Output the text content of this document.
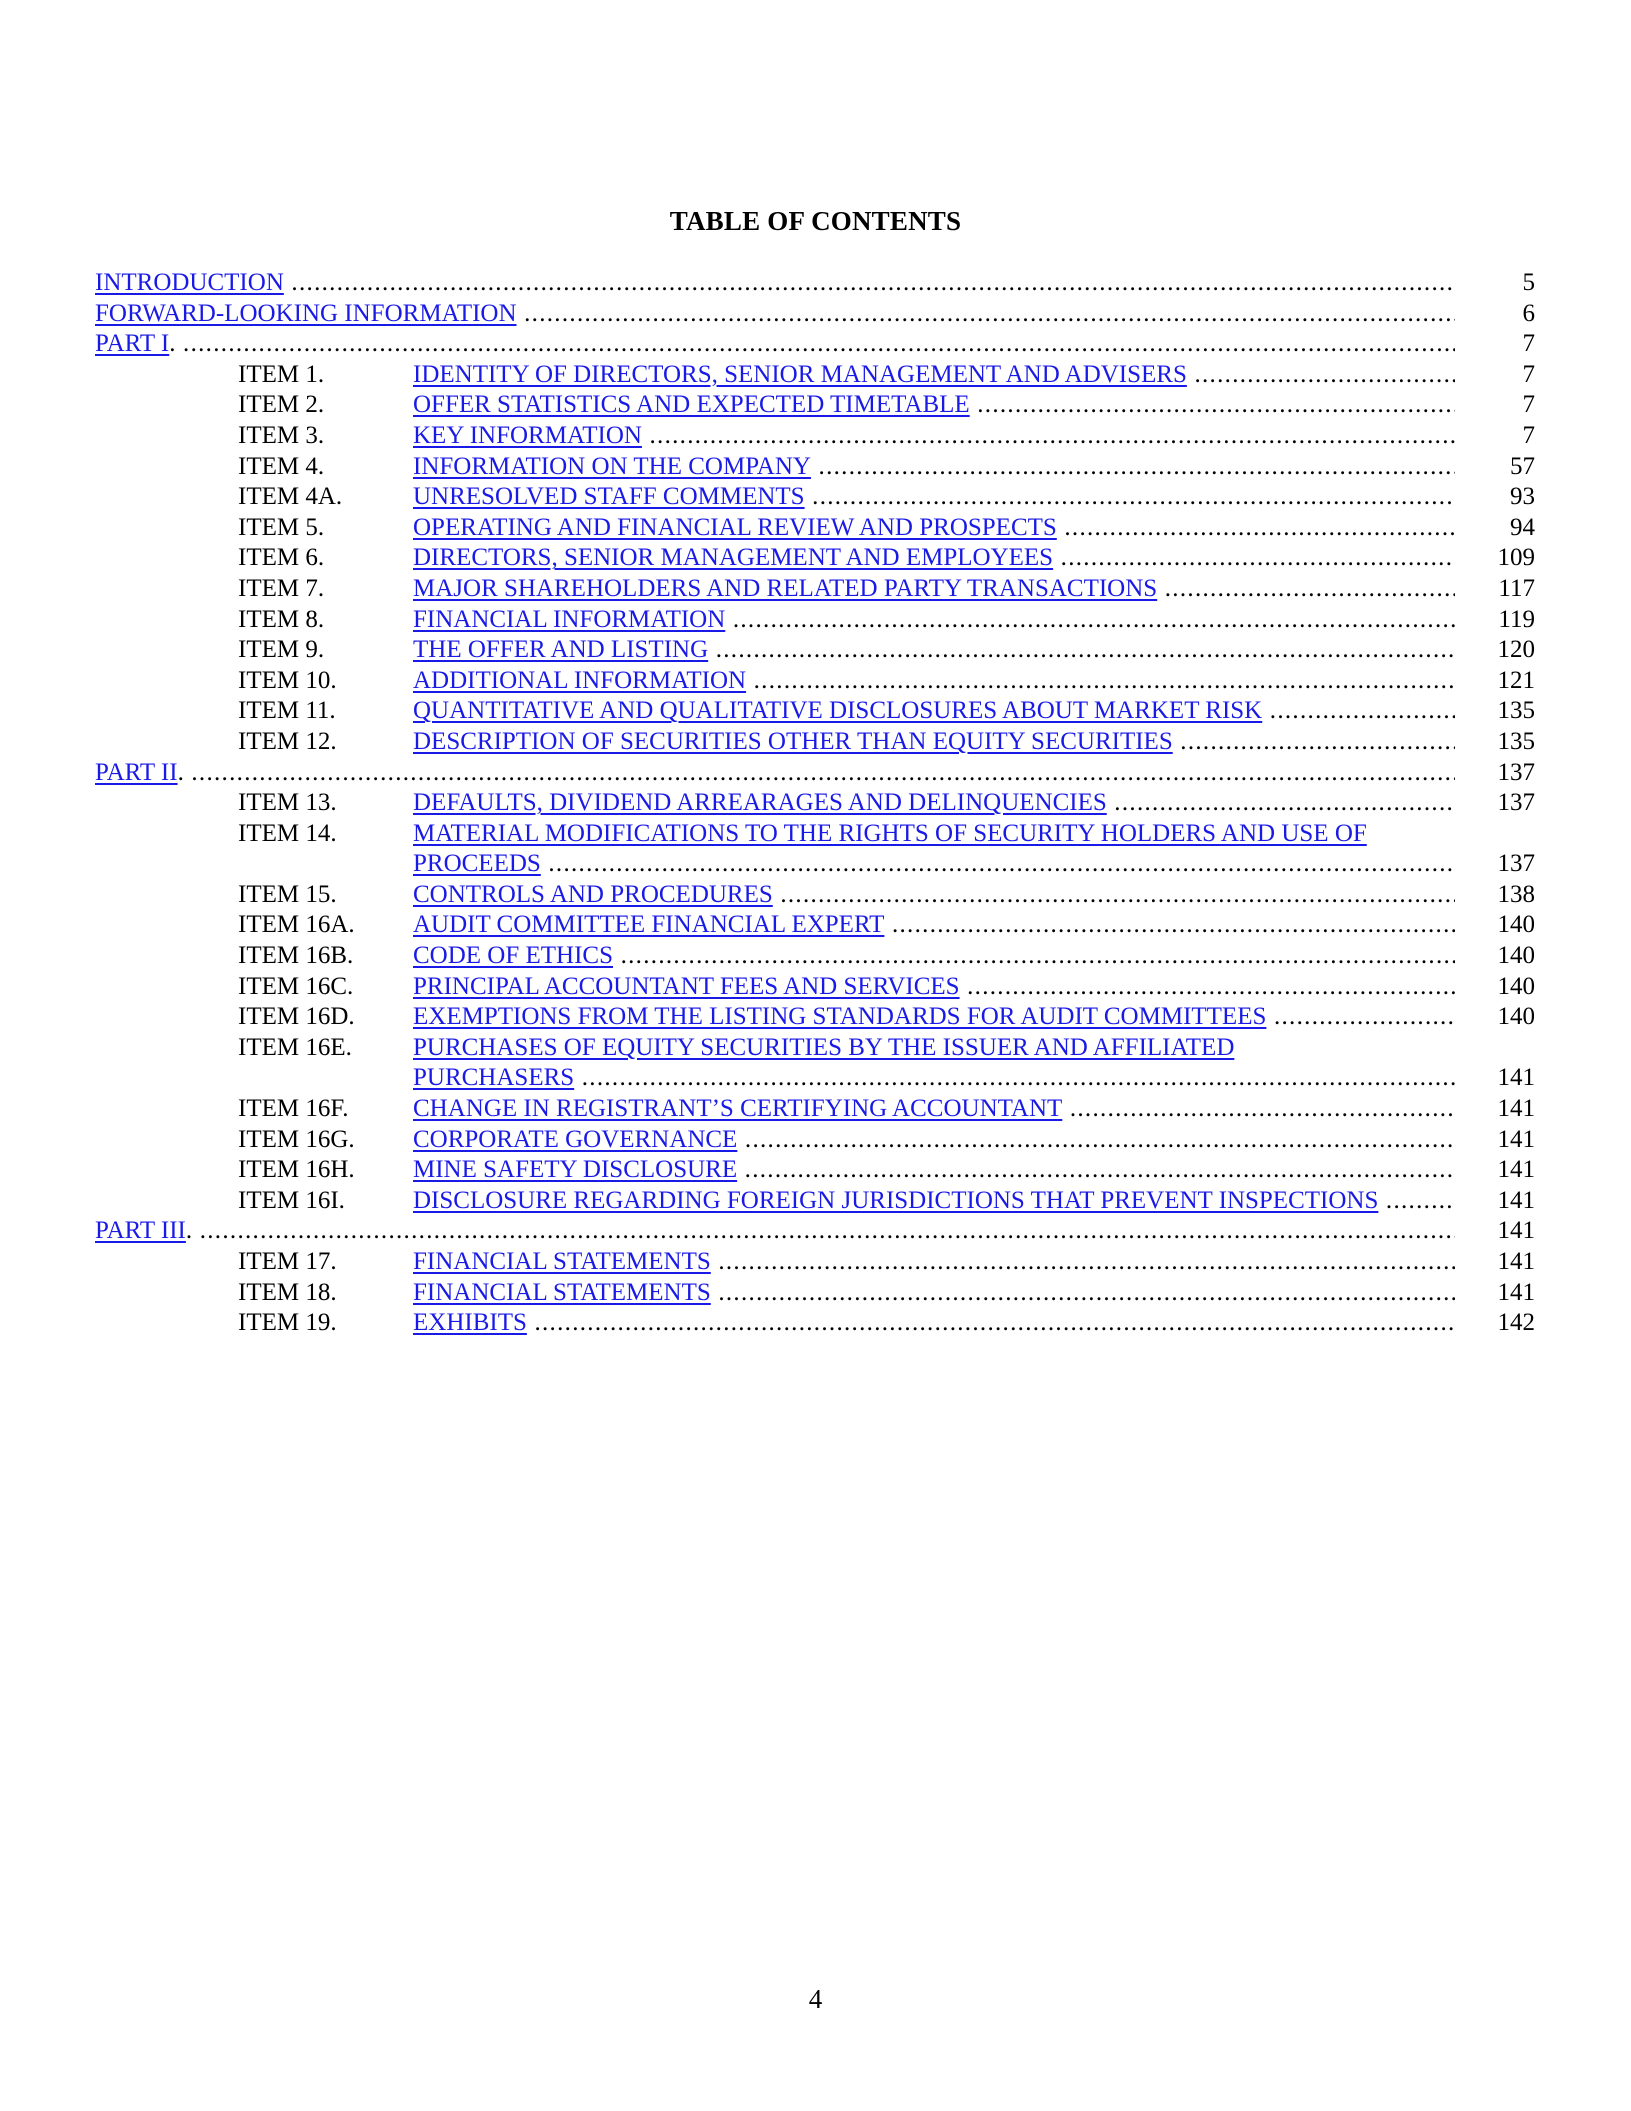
TABLE OF CONTENTS
INTRODUCTION .....	5
FORWARD-LOOKING INFORMATION .....	6
PART I. .....	7
ITEM 1.	IDENTITY OF DIRECTORS, SENIOR MANAGEMENT AND ADVISERS .....	7
ITEM 2.	OFFER STATISTICS AND EXPECTED TIMETABLE .....	7
ITEM 3.	KEY INFORMATION .....	7
ITEM 4.	INFORMATION ON THE COMPANY .....	57
ITEM 4A.	UNRESOLVED STAFF COMMENTS .....	93
ITEM 5.	OPERATING AND FINANCIAL REVIEW AND PROSPECTS .....	94
ITEM 6.	DIRECTORS, SENIOR MANAGEMENT AND EMPLOYEES .....	109
ITEM 7.	MAJOR SHAREHOLDERS AND RELATED PARTY TRANSACTIONS .....	117
ITEM 8.	FINANCIAL INFORMATION .....	119
ITEM 9.	THE OFFER AND LISTING .....	120
ITEM 10.	ADDITIONAL INFORMATION .....	121
ITEM 11.	QUANTITATIVE AND QUALITATIVE DISCLOSURES ABOUT MARKET RISK .....	135
ITEM 12.	DESCRIPTION OF SECURITIES OTHER THAN EQUITY SECURITIES .....	135
PART II. .....	137
ITEM 13.	DEFAULTS, DIVIDEND ARREARAGES AND DELINQUENCIES .....	137
ITEM 14.	MATERIAL MODIFICATIONS TO THE RIGHTS OF SECURITY HOLDERS AND USE OF
PROCEEDS .....	137
ITEM 15.	CONTROLS AND PROCEDURES .....	138
ITEM 16A. AUDIT COMMITTEE FINANCIAL EXPERT .....	140
ITEM 16B. CODE OF ETHICS .....	140
ITEM 16C. PRINCIPAL ACCOUNTANT FEES AND SERVICES .....	140
ITEM 16D. EXEMPTIONS FROM THE LISTING STANDARDS FOR AUDIT COMMITTEES .....	140
ITEM 16E. PURCHASES OF EQUITY SECURITIES BY THE ISSUER AND AFFILIATED
PURCHASERS .....	141
ITEM 16F.	CHANGE IN REGISTRANT’S CERTIFYING ACCOUNTANT .....	141
ITEM 16G. CORPORATE GOVERNANCE .....	141
ITEM 16H. MINE SAFETY DISCLOSURE .....	141
ITEM 16I.	DISCLOSURE REGARDING FOREIGN JURISDICTIONS THAT PREVENT INSPECTIONS .....	141
PART III. .....	141
ITEM 17.	FINANCIAL STATEMENTS .....	141
ITEM 18.	FINANCIAL STATEMENTS .....	141
ITEM 19.	EXHIBITS .....	142
4
